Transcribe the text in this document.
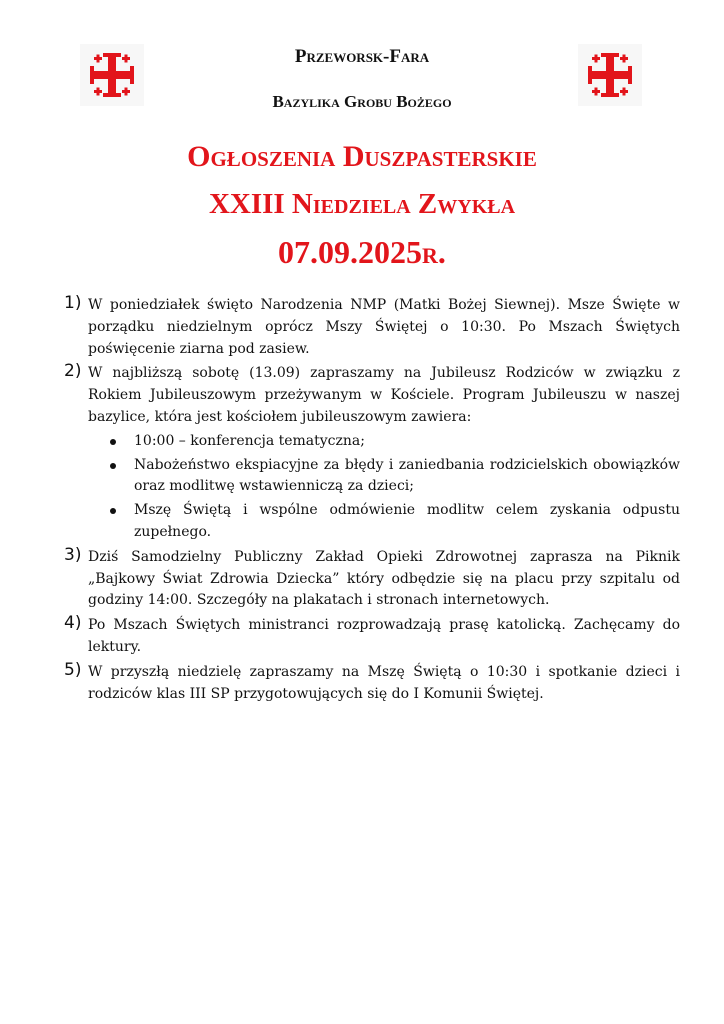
Przeworsk-Fara
Bazylika Grobu Bożego
Ogłoszenia Duszpasterskie
XXIII Niedziela Zwykła
07.09.2025r.
1) W poniedziałek święto Narodzenia NMP (Matki Bożej Siewnej). Msze Święte w porządku niedzielnym oprócz Mszy Świętej o 10:30. Po Mszach Świętych poświęcenie ziarna pod zasiew.
2) W najbliższą sobotę (13.09) zapraszamy na Jubileusz Rodziców w związku z Rokiem Jubileuszowym przeżywanym w Kościele. Program Jubileuszu w naszej bazylice, która jest kościołem jubileuszowym zawiera:
10:00 – konferencja tematyczna;
Nabożeństwo ekspiacyjne za błędy i zaniedbania rodzicielskich obowiązków oraz modlitwę wstawienniczą za dzieci;
Mszę Świętą i wspólne odmówienie modlitw celem zyskania odpustu zupełnego.
3) Dziś Samodzielny Publiczny Zakład Opieki Zdrowotnej zaprasza na Piknik „Bajkowy Świat Zdrowia Dziecka” który odbędzie się na placu przy szpitalu od godziny 14:00. Szczegóły na plakatach i stronach internetowych.
4) Po Mszach Świętych ministranci rozprowadzają prasę katolicką. Zachęcamy do lektury.
5) W przyszłą niedzielę zapraszamy na Mszę Świętą o 10:30 i spotkanie dzieci i rodziców klas III SP przygotowujących się do I Komunii Świętej.
